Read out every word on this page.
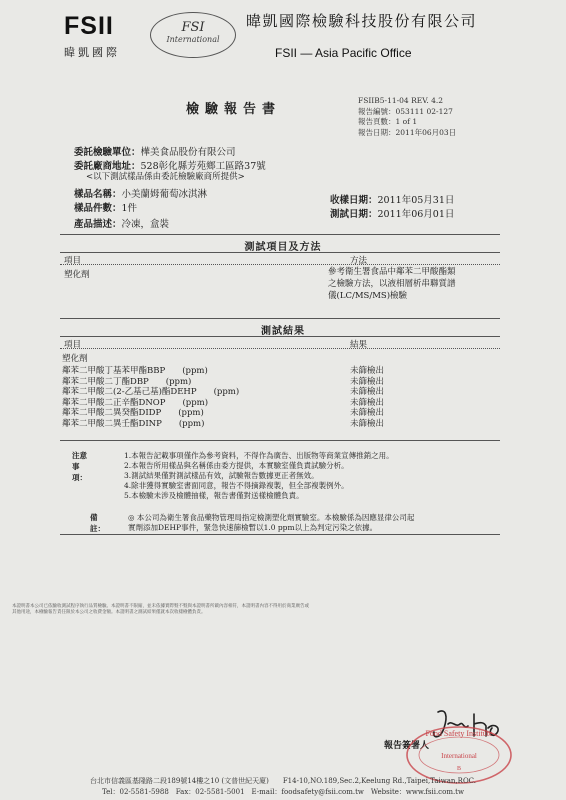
FSII
暐凱國際
FSI
International
暐凱國際檢驗科技股份有限公司
FSII — Asia Pacific Office
檢驗報告書
FSIIB5-11-04 REV. 4.2
報告編號：053111 02-127
報告頁數：1 of 1
報告日期：2011年06月03日
委託檢驗單位：樺美食品股份有限公司
委託廠商地址：528彰化縣芳苑鄉工區路37號
<以下測試樣品係由委託檢驗廠商所提供>
樣品名稱：小美蘭姆葡萄冰淇淋
樣品件數：1件
產品描述：冷凍，盒裝
收樣日期：2011年05月31日
測試日期：2011年06月01日
測試項目及方法
項目	方法
塑化劑	參考衛生署食品中鄰苯二甲酸酯類
之檢驗方法，以液相層析串聯質譜
儀(LC/MS/MS)檢驗
測試結果
項目	結果
塑化劑
鄰苯二甲酸丁基苯甲酯BBP　　(ppm)	未篩檢出
鄰苯二甲酸二丁酯DBP　　(ppm)	未篩檢出
鄰苯二甲酸二(2-乙基己基)酯DEHP　　(ppm)	未篩檢出
鄰苯二甲酸二正辛酯DNOP　　(ppm)	未篩檢出
鄰苯二甲酸二異癸酯DIDP　　(ppm)	未篩檢出
鄰苯二甲酸二異壬酯DINP　　(ppm)	未篩檢出
注意事項：
1.本報告記載事項僅作為參考資料，不得作為廣告、出版物等商業宣傳推銷之用。
2.本報告所用樣品與名稱係由委方提供，本實驗室僅負責試驗分析。
3.測試結果僅對測試樣品有效，試驗報告數據更正者無效。
4.除非獲得實驗室書面同意，報告不得摘錄複製，但全部複製例外。
5.本檢驗未涉及檢體抽樣，報告書僅對送樣檢體負責。
備註：
◎ 本公司為衛生署食品藥物管理局指定檢測塑化劑實驗室。本檢驗係為因應显律公司起
實劑添加DEHP事件，緊急快速篩檢暫以1.0 ppm以上為判定污染之依據。
本證明書本公司已依驗收測試程序執行品質檢驗。本證明書不限縮，並未依據實際暨不暨與本證明書所載內容相符，本證明書內容不得用於商業廣告或其他用途，本檢驗報告責任限於本公司之收費金額。本證明書之測試結果僅就本次收樣檢體負責。
報告簽署人
Food Safety Institute
International
B
台北市信義區基隆路二段189號14樓之10 (文普世紀天廈)　　F14-10,NO.189,Sec.2,Keelung Rd.,Taipei,Taiwan,ROC.
Tel：02-5581-5988　Fax：02-5581-5001　E-mail：foodsafety@fsii.com.tw　Website：www.fsii.com.tw
